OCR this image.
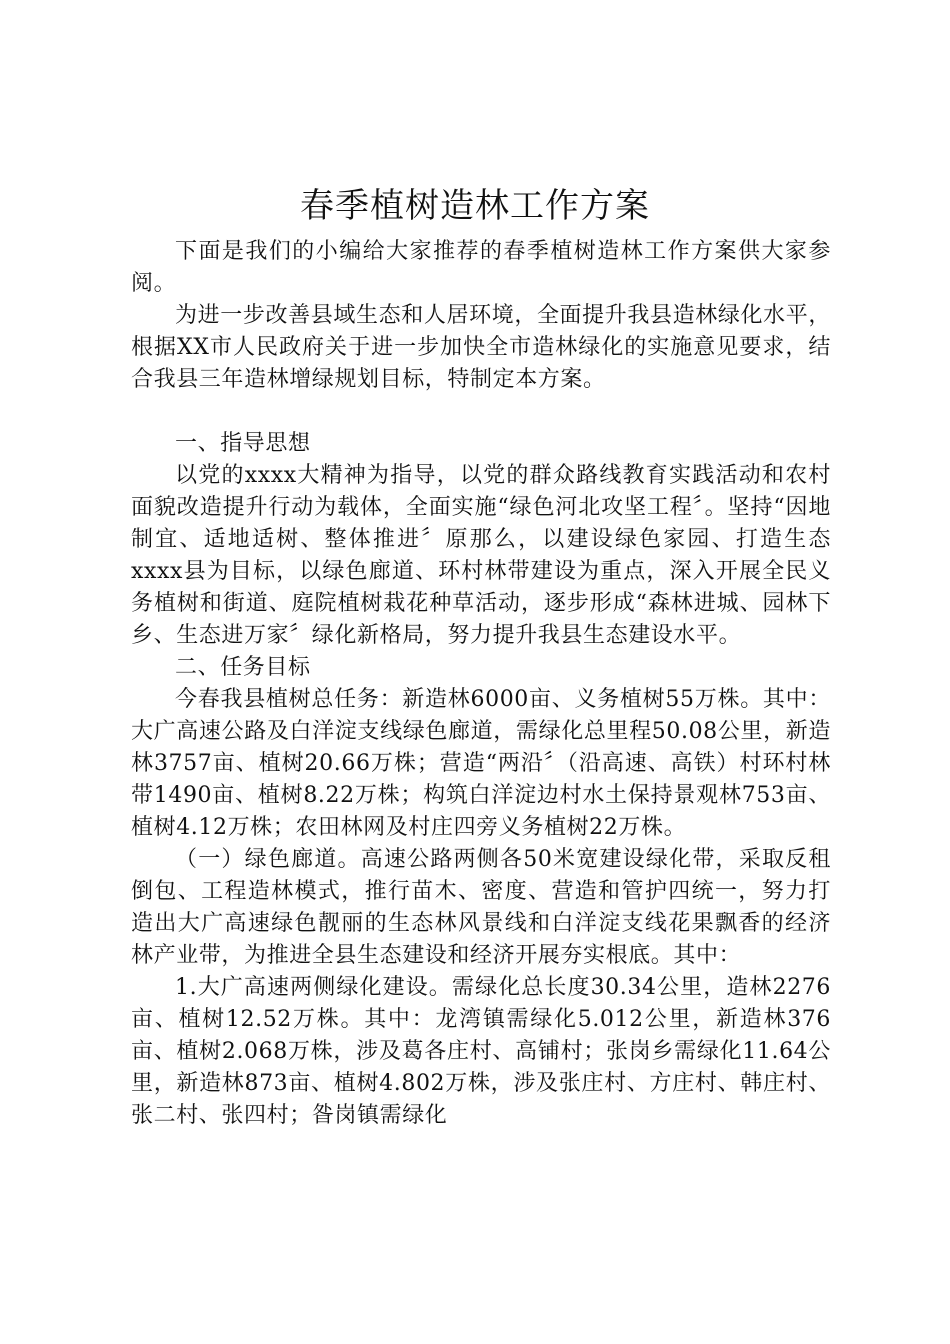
春季植树造林工作方案

下面是我们的小编给大家推荐的春季植树造林工作方案供大家参阅。

为进一步改善县域生态和人居环境，全面提升我县造林绿化水平，根据XX市人民政府关于进一步加快全市造林绿化的实施意见要求，结合我县三年造林增绿规划目标，特制定本方案。

一、指导思想

以党的xxxx大精神为指导，以党的群众路线教育实践活动和农村面貌改造提升行动为载体，全面实施“绿色河北攻坚工程〞。坚持“因地制宜、适地适树、整体推进〞原那么，以建设绿色家园、打造生态xxxx县为目标，以绿色廊道、环村林带建设为重点，深入开展全民义务植树和街道、庭院植树栽花种草活动，逐步形成“森林进城、园林下乡、生态进万家〞绿化新格局，努力提升我县生态建设水平。

二、任务目标

今春我县植树总任务：新造林6000亩、义务植树55万株。其中：大广高速公路及白洋淀支线绿色廊道，需绿化总里程50.08公里，新造林3757亩、植树20.66万株；营造“两沿〞（沿高速、高铁）村环村林带1490亩、植树8.22万株；构筑白洋淀边村水土保持景观林753亩、植树4.12万株；农田林网及村庄四旁义务植树22万株。

（一）绿色廊道。高速公路两侧各50米宽建设绿化带，采取反租倒包、工程造林模式，推行苗木、密度、营造和管护四统一，努力打造出大广高速绿色靓丽的生态林风景线和白洋淀支线花果飘香的经济林产业带，为推进全县生态建设和经济开展夯实根底。其中：

1.大广高速两侧绿化建设。需绿化总长度30.34公里，造林2276亩、植树12.52万株。其中：龙湾镇需绿化5.012公里，新造林376亩、植树2.068万株，涉及葛各庄村、高铺村；张岗乡需绿化11.64公里，新造林873亩、植树4.802万株，涉及张庄村、方庄村、韩庄村、张二村、张四村；昝岗镇需绿化
